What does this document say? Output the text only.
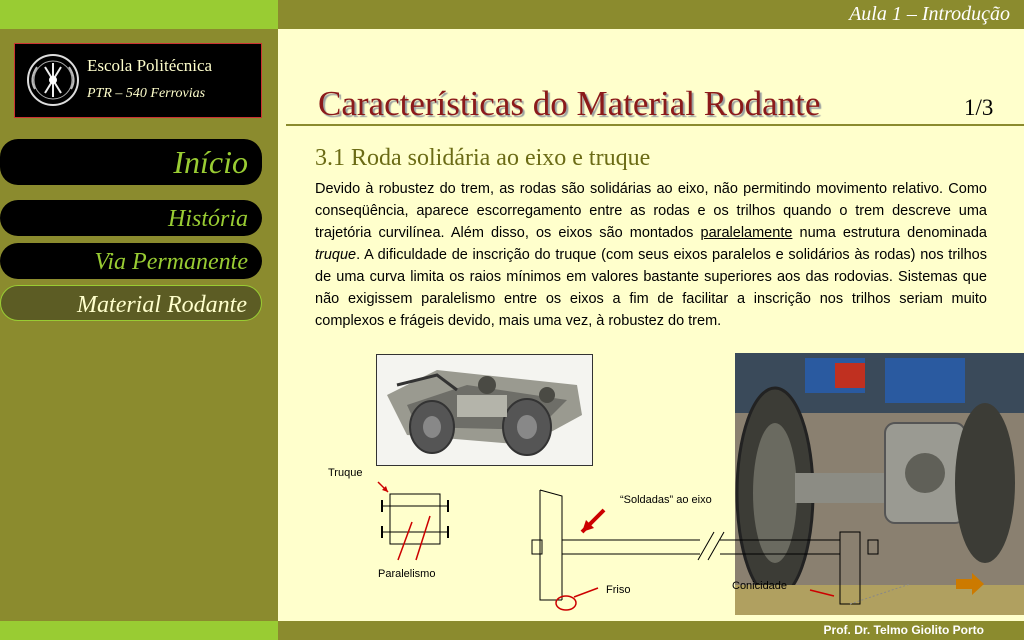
Aula 1 – Introdução
Escola Politécnica
PTR – 540 Ferrovias
Início
História
Via Permanente
Material Rodante
Características do Material Rodante	1/3
3.1 Roda solidária ao eixo e truque

Devido à robustez do trem, as rodas são solidárias ao eixo, não permitindo movimento relativo. Como conseqüência, aparece escorregamento entre as rodas e os trilhos quando o trem descreve uma trajetória curvilínea. Além disso, os eixos são montados paralelamente numa estrutura denominada truque. A dificuldade de inscrição do truque (com seus eixos paralelos e solidários às rodas) nos trilhos de uma curva limita os raios mínimos em valores bastante superiores aos das rodovias. Sistemas que não exigissem paralelismo entre os eixos a fim de facilitar a inscrição nos trilhos seriam muito complexos e frágeis devido, mais uma vez, à robustez do trem.

Truque
Paralelismo
“Soldadas” ao eixo
Friso	Conicidade
Prof. Dr. Telmo Giolito Porto
